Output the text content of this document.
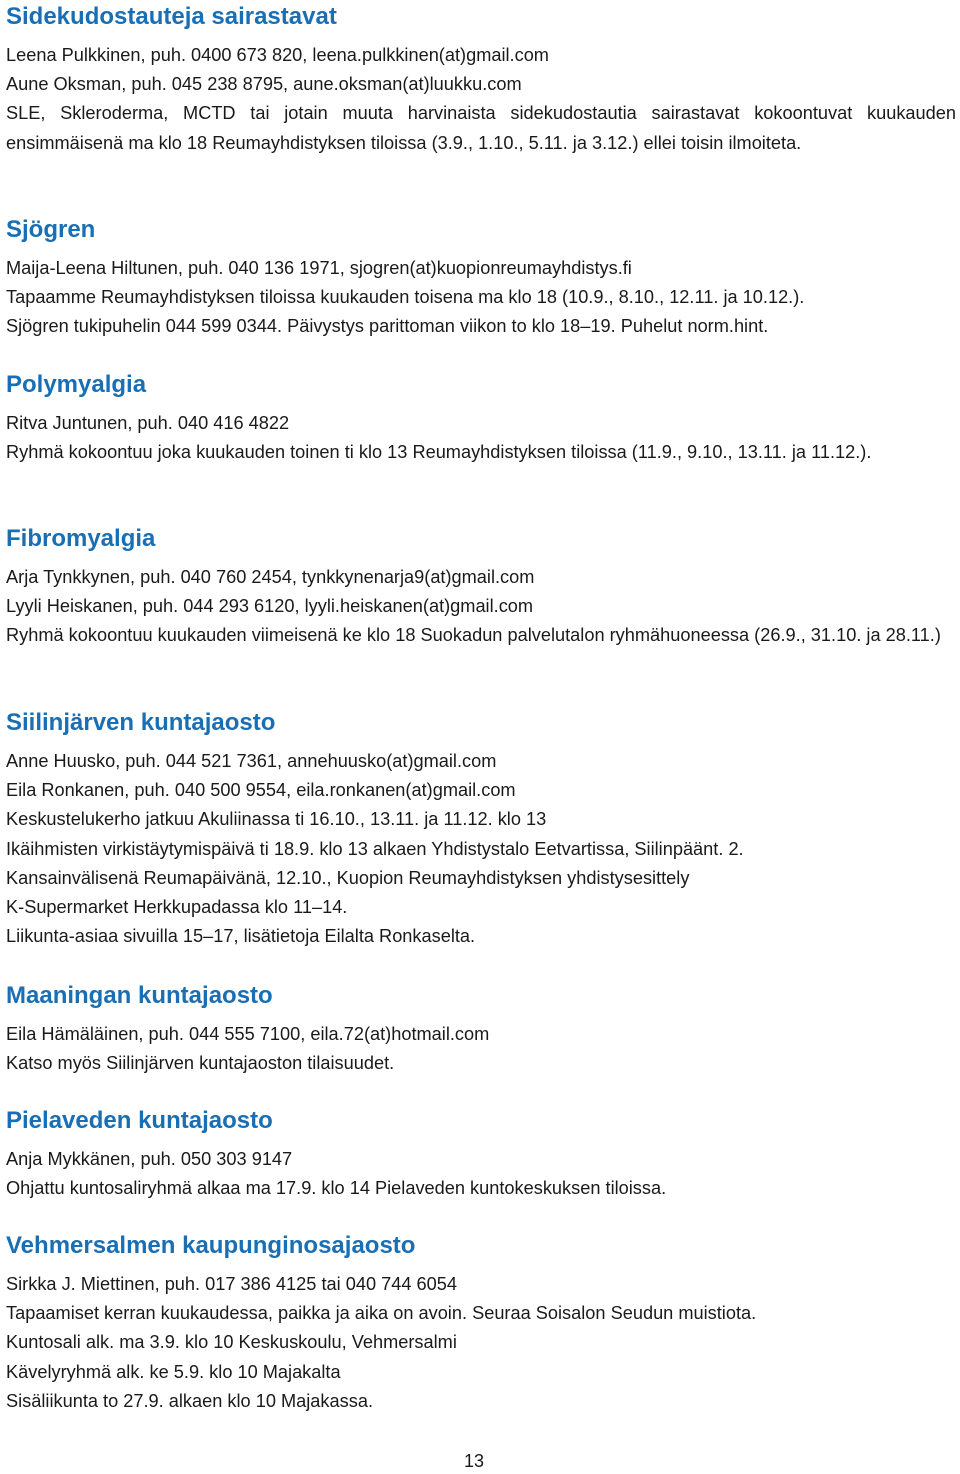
Sidekudostauteja sairastavat
Leena Pulkkinen, puh. 0400 673 820, leena.pulkkinen(at)gmail.com
Aune Oksman, puh. 045 238 8795, aune.oksman(at)luukku.com
SLE, Skleroderma, MCTD tai jotain muuta harvinaista sidekudostautia sairastavat kokoontuvat kuukauden ensimmäisenä ma klo 18 Reumayhdistyksen tiloissa (3.9., 1.10., 5.11. ja 3.12.) ellei toisin ilmoiteta.
Sjögren
Maija-Leena Hiltunen, puh. 040 136 1971, sjogren(at)kuopionreumayhdistys.fi
Tapaamme Reumayhdistyksen tiloissa kuukauden toisena ma klo 18 (10.9., 8.10., 12.11. ja 10.12.).
Sjögren tukipuhelin 044 599 0344. Päivystys parittoman viikon to klo 18–19. Puhelut norm.hint.
Polymyalgia
Ritva Juntunen, puh. 040 416 4822
Ryhmä kokoontuu joka kuukauden toinen ti klo 13 Reumayhdistyksen tiloissa (11.9., 9.10., 13.11. ja 11.12.).
Fibromyalgia
Arja Tynkkynen, puh. 040 760 2454, tynkkynenarja9(at)gmail.com
Lyyli Heiskanen, puh. 044 293 6120, lyyli.heiskanen(at)gmail.com
Ryhmä kokoontuu kuukauden viimeisenä ke klo 18 Suokadun palvelutalon ryhmähuoneessa (26.9., 31.10. ja 28.11.)
Siilinjärven kuntajaosto
Anne Huusko, puh. 044 521 7361, annehuusko(at)gmail.com
Eila Ronkanen, puh. 040 500 9554, eila.ronkanen(at)gmail.com
Keskustelukerho jatkuu Akuliinassa ti 16.10., 13.11. ja 11.12. klo 13
Ikäihmisten virkistäytymispäivä ti 18.9. klo 13 alkaen Yhdistystalo Eetvartissa, Siilinpäänt. 2.
Kansainvälisenä Reumapäivänä, 12.10., Kuopion Reumayhdistyksen yhdistysesittely
K-Supermarket Herkkupadassa klo 11–14.
Liikunta-asiaa sivuilla 15–17, lisätietoja Eilalta Ronkaselta.
Maaningan kuntajaosto
Eila Hämäläinen, puh. 044 555 7100, eila.72(at)hotmail.com
Katso myös Siilinjärven kuntajaoston tilaisuudet.
Pielaveden kuntajaosto
Anja Mykkänen, puh. 050 303 9147
Ohjattu kuntosaliryhmä alkaa ma 17.9. klo 14 Pielaveden kuntokeskuksen tiloissa.
Vehmersalmen kaupunginosajaosto
Sirkka J. Miettinen, puh. 017 386 4125 tai 040 744 6054
Tapaamiset kerran kuukaudessa, paikka ja aika on avoin. Seuraa Soisalon Seudun muistiota.
Kuntosali alk. ma 3.9. klo 10 Keskuskoulu, Vehmersalmi
Kävelyryhmä alk. ke 5.9. klo 10 Majakalta
Sisäliikunta to 27.9. alkaen klo 10 Majakassa.
13
